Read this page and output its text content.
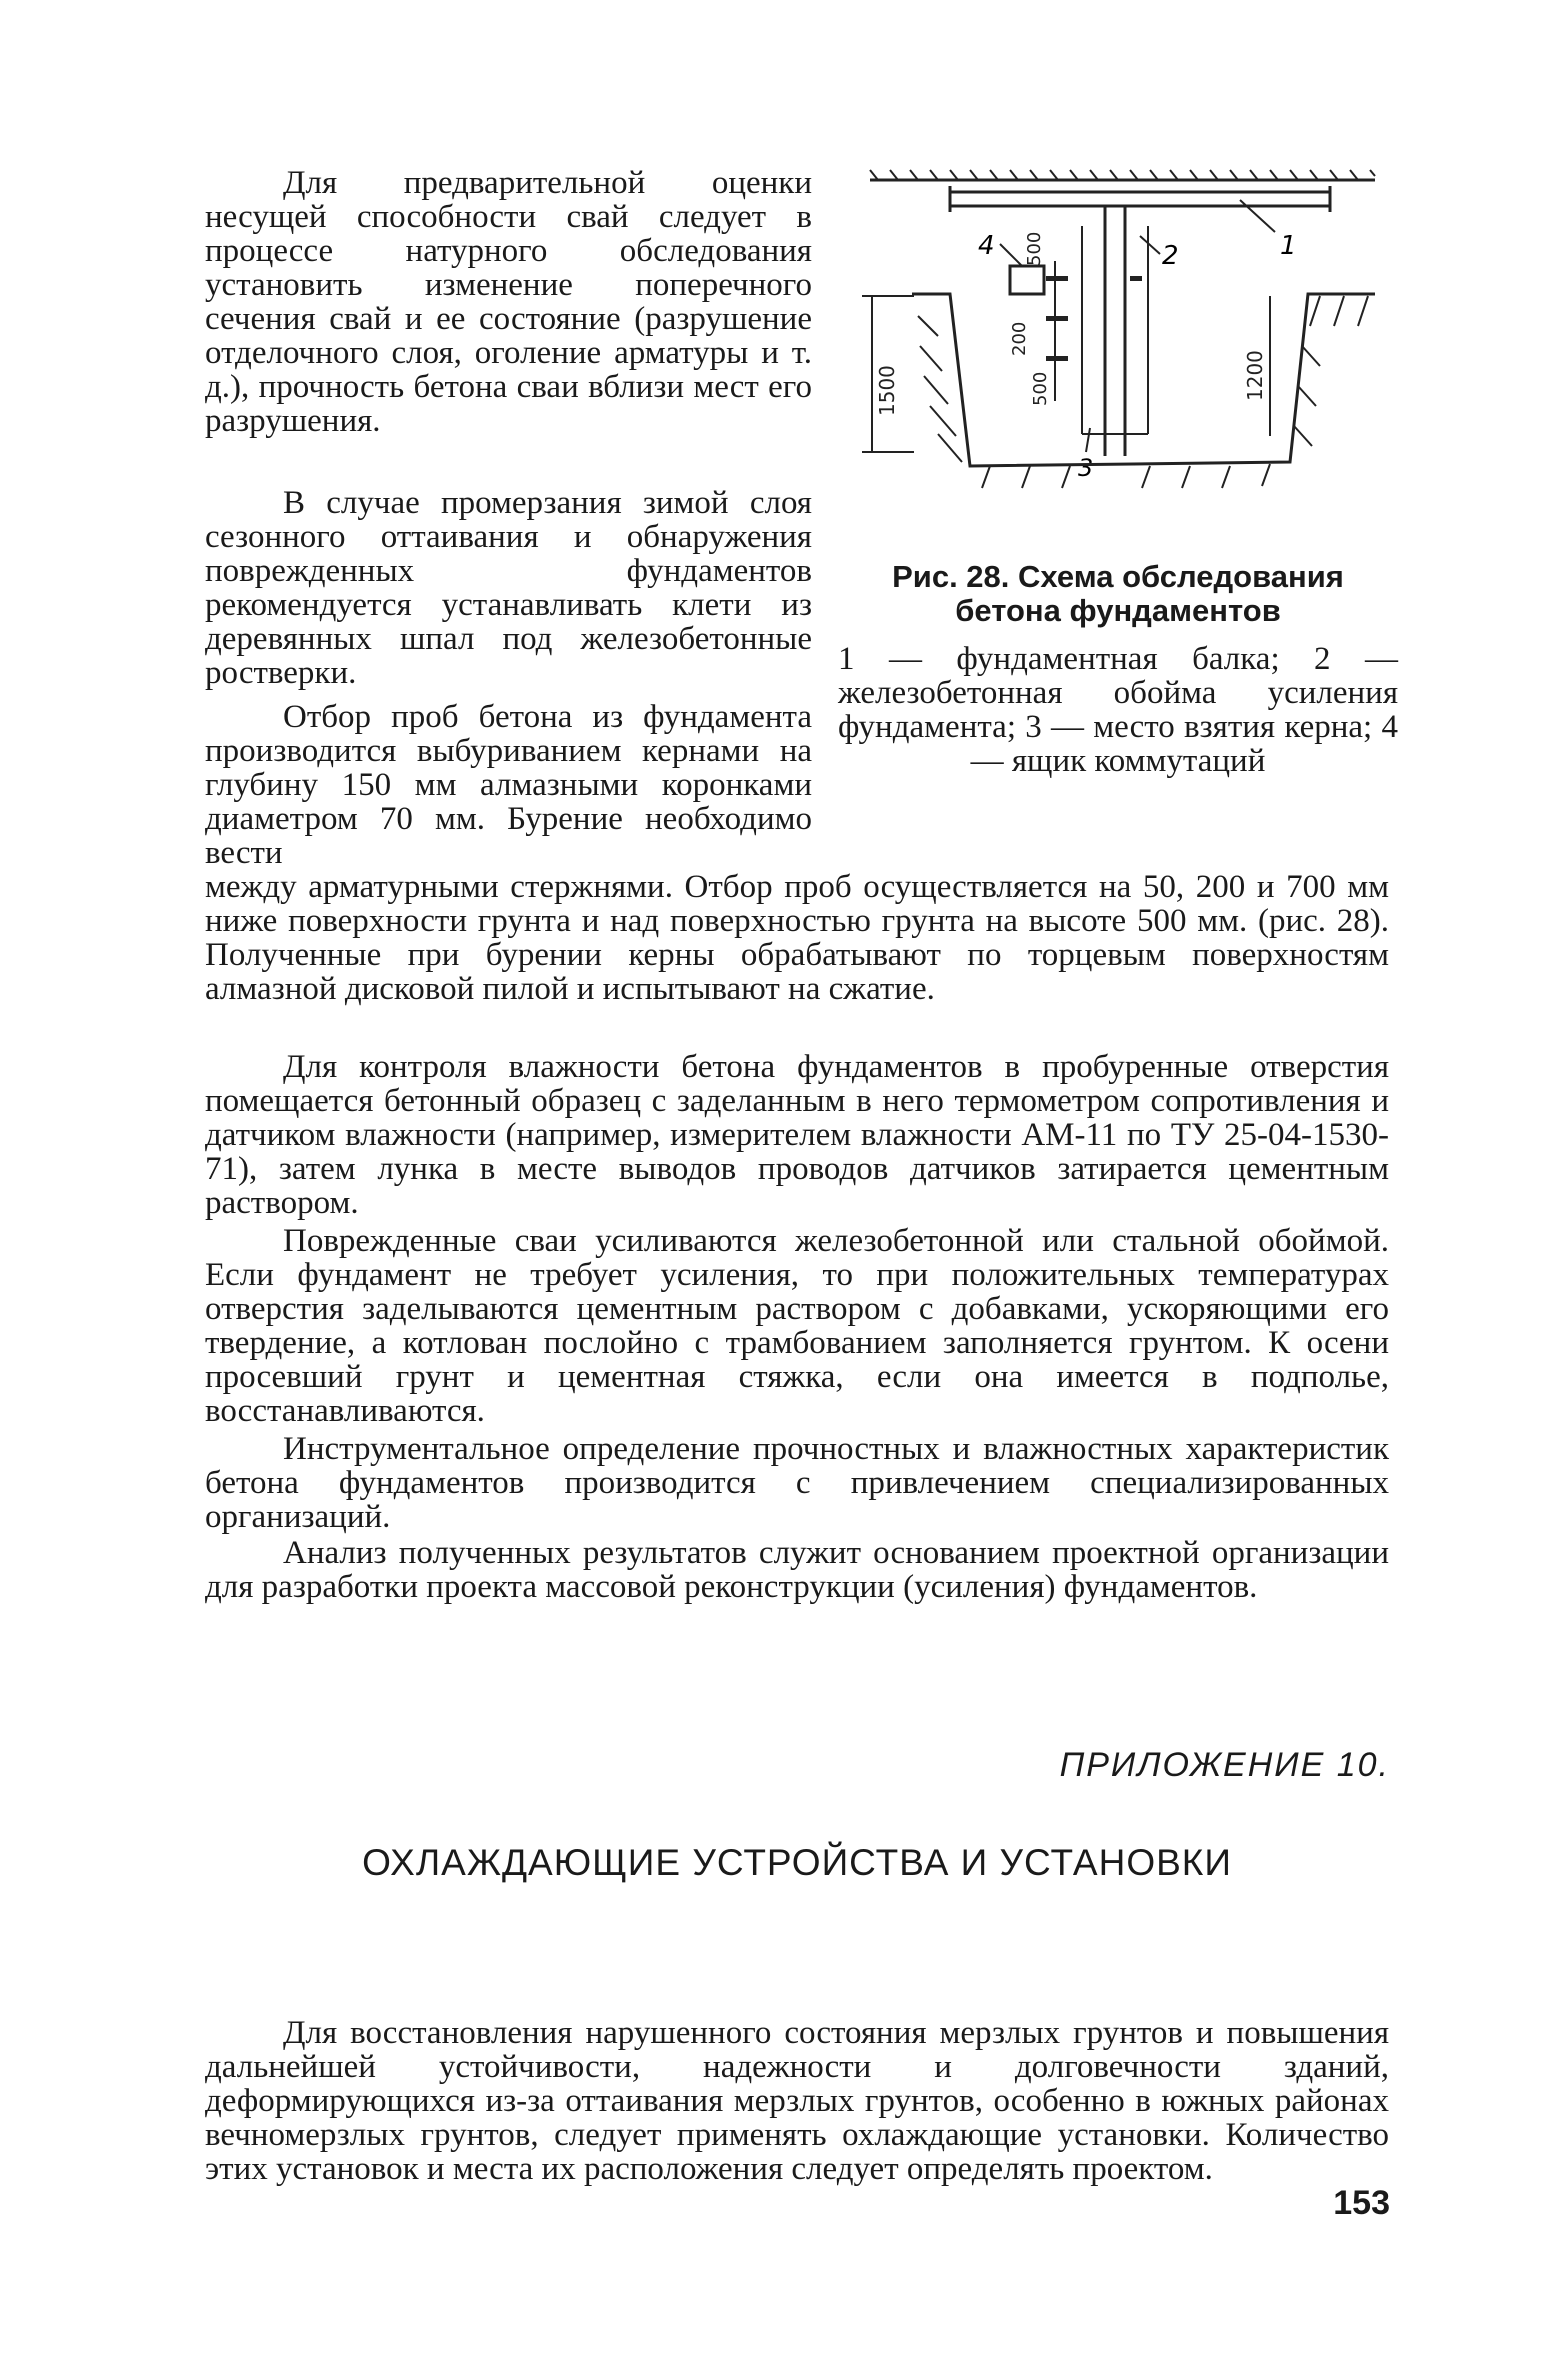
Для предварительной оценки несущей способности свай следует в процессе натурного обследования установить изменение поперечного сечения свай и ее состояние (разрушение отделочного слоя, оголение арматуры и т. д.), прочность бетона сваи вблизи мест его разрушения.

В случае промерзания зимой слоя сезонного оттаивания и обнаружения поврежденных фундаментов рекомендуется устанавливать клети из деревянных шпал под железобетонные ростверки.

Отбор проб бетона из фундамента производится выбуриванием кернами на глубину 150 мм алмазными коронками диаметром 70 мм. Бурение необходимо вести

между арматурными стержнями. Отбор проб осуществляется на 50, 200 и 700 мм ниже поверхности грунта и над поверхностью грунта на высоте 500 мм. (рис. 28). Полученные при бурении керны обрабатывают по торцевым поверхностям алмазной дисковой пилой и испытывают на сжатие.

1
2
4
3
500
200
500
1500	1200
Рис. 28. Схема обследования бетона фундаментов
1 — фундаментная балка; 2 — железобетонная обойма усиления фундамента; 3 — место взятия керна; 4 — ящик коммутаций

Для контроля влажности бетона фундаментов в пробуренные отверстия помещается бетонный образец с заделанным в него термометром сопротивления и датчиком влажности (например, измерителем влажности АМ-11 по ТУ 25-04-1530-71), затем лунка в месте выводов проводов датчиков затирается цементным раствором.

Поврежденные сваи усиливаются железобетонной или стальной обоймой. Если фундамент не требует усиления, то при положительных температурах отверстия заделываются цементным раствором с добавками, ускоряющими его твердение, а котлован послойно с трамбованием заполняется грунтом. К осени просевший грунт и цементная стяжка, если она имеется в подполье, восстанавливаются.

Инструментальное определение прочностных и влажностных характеристик бетона фундаментов производится с привлечением специализированных организаций.

Анализ полученных результатов служит основанием проектной организации для разработки проекта массовой реконструкции (усиления) фундаментов.

ПРИЛОЖЕНИЕ 10.
ОХЛАЖДАЮЩИЕ УСТРОЙСТВА И УСТАНОВКИ

Для восстановления нарушенного состояния мерзлых грунтов и повышения дальнейшей устойчивости, надежности и долговечности зданий, деформирующихся из-за оттаивания мерзлых грунтов, особенно в южных районах вечномерзлых грунтов, следует применять охлаждающие установки. Количество этих установок и места их расположения следует определять проектом.

153
